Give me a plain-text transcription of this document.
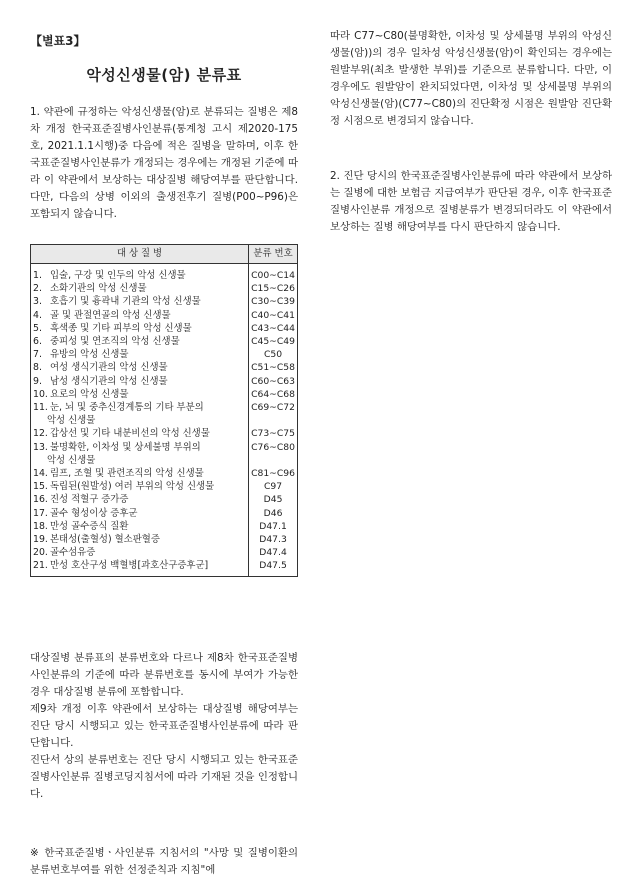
【별표3】
악성신생물(암) 분류표

1. 약관에 규정하는 악성신생물(암)로 분류되는 질병은 제8차 개정 한국표준질병사인분류(통계청 고시 제2020-175호, 2021.1.1시행)중 다음에 적은 질병을 말하며, 이후 한국표준질병사인분류가 개정되는 경우에는 개정된 기준에 따라 이 약관에서 보상하는 대상질병 해당여부를 판단합니다. 다만, 다음의 상병 이외의 출생전후기 질병(P00~P96)은 포함되지 않습니다.

대 상 질 병	분류 번호
1. 입술, 구강 및 인두의 악성 신생물	C00~C14
2. 소화기관의 악성 신생물	C15~C26
3. 호흡기 및 흉곽내 기관의 악성 신생물	C30~C39
4. 골 및 관절연골의 악성 신생물	C40~C41
5. 흑색종 및 기타 피부의 악성 신생물	C43~C44
6. 중피성 및 연조직의 악성 신생물	C45~C49
7. 유방의 악성 신생물	C50
8. 여성 생식기관의 악성 신생물	C51~C58
9. 남성 생식기관의 악성 신생물	C60~C63
10. 요로의 악성 신생물	C64~C68
11. 눈, 뇌 및 중추신경계통의 기타 부분의
악성 신생물	C69~C72
12. 갑상선 및 기타 내분비선의 악성 신생물	C73~C75
13. 불명확한, 이차성 및 상세불명 부위의
악성 신생물	C76~C80
14. 림프, 조혈 및 관련조직의 악성 신생물	C81~C96
15. 독립된(원발성) 여러 부위의 악성 신생물	C97
16. 진성 적혈구 증가증	D45
17. 골수 형성이상 증후군	D46
18. 만성 골수증식 질환	D47.1
19. 본태성(출혈성) 혈소판혈증	D47.3
20. 골수섬유증	D47.4
21. 만성 호산구성 백혈병[과호산구증후군]	D47.5

대상질병 분류표의 분류번호와 다르나 제8차 한국표준질병사인분류의 기준에 따라 분류번호를 동시에 부여가 가능한 경우 대상질병 분류에 포함합니다.

제9차 개정 이후 약관에서 보상하는 대상질병 해당여부는 진단 당시 시행되고 있는 한국표준질병사인분류에 따라 판단합니다.

진단서 상의 분류번호는 진단 당시 시행되고 있는 한국표준질병사인분류 질병코딩지침서에 따라 기재된 것을 인정합니다.

※ 한국표준질병ㆍ사인분류 지침서의 "사망 및 질병이환의 분류번호부여를 위한 선정준칙과 지침"에

따라 C77~C80(불명확한, 이차성 및 상세불명 부위의 악성신생물(암))의 경우 일차성 악성신생물(암)이 확인되는 경우에는 원발부위(최초 발생한 부위)를 기준으로 분류합니다. 다만, 이 경우에도 원발암이 완치되었다면, 이차성 및 상세불명 부위의 악성신생물(암)(C77~C80)의 진단확정 시점은 원발암 진단확정 시점으로 변경되지 않습니다.

2. 진단 당시의 한국표준질병사인분류에 따라 약관에서 보상하는 질병에 대한 보험금 지급여부가 판단된 경우, 이후 한국표준질병사인분류 개정으로 질병분류가 변경되더라도 이 약관에서 보상하는 질병 해당여부를 다시 판단하지 않습니다.
